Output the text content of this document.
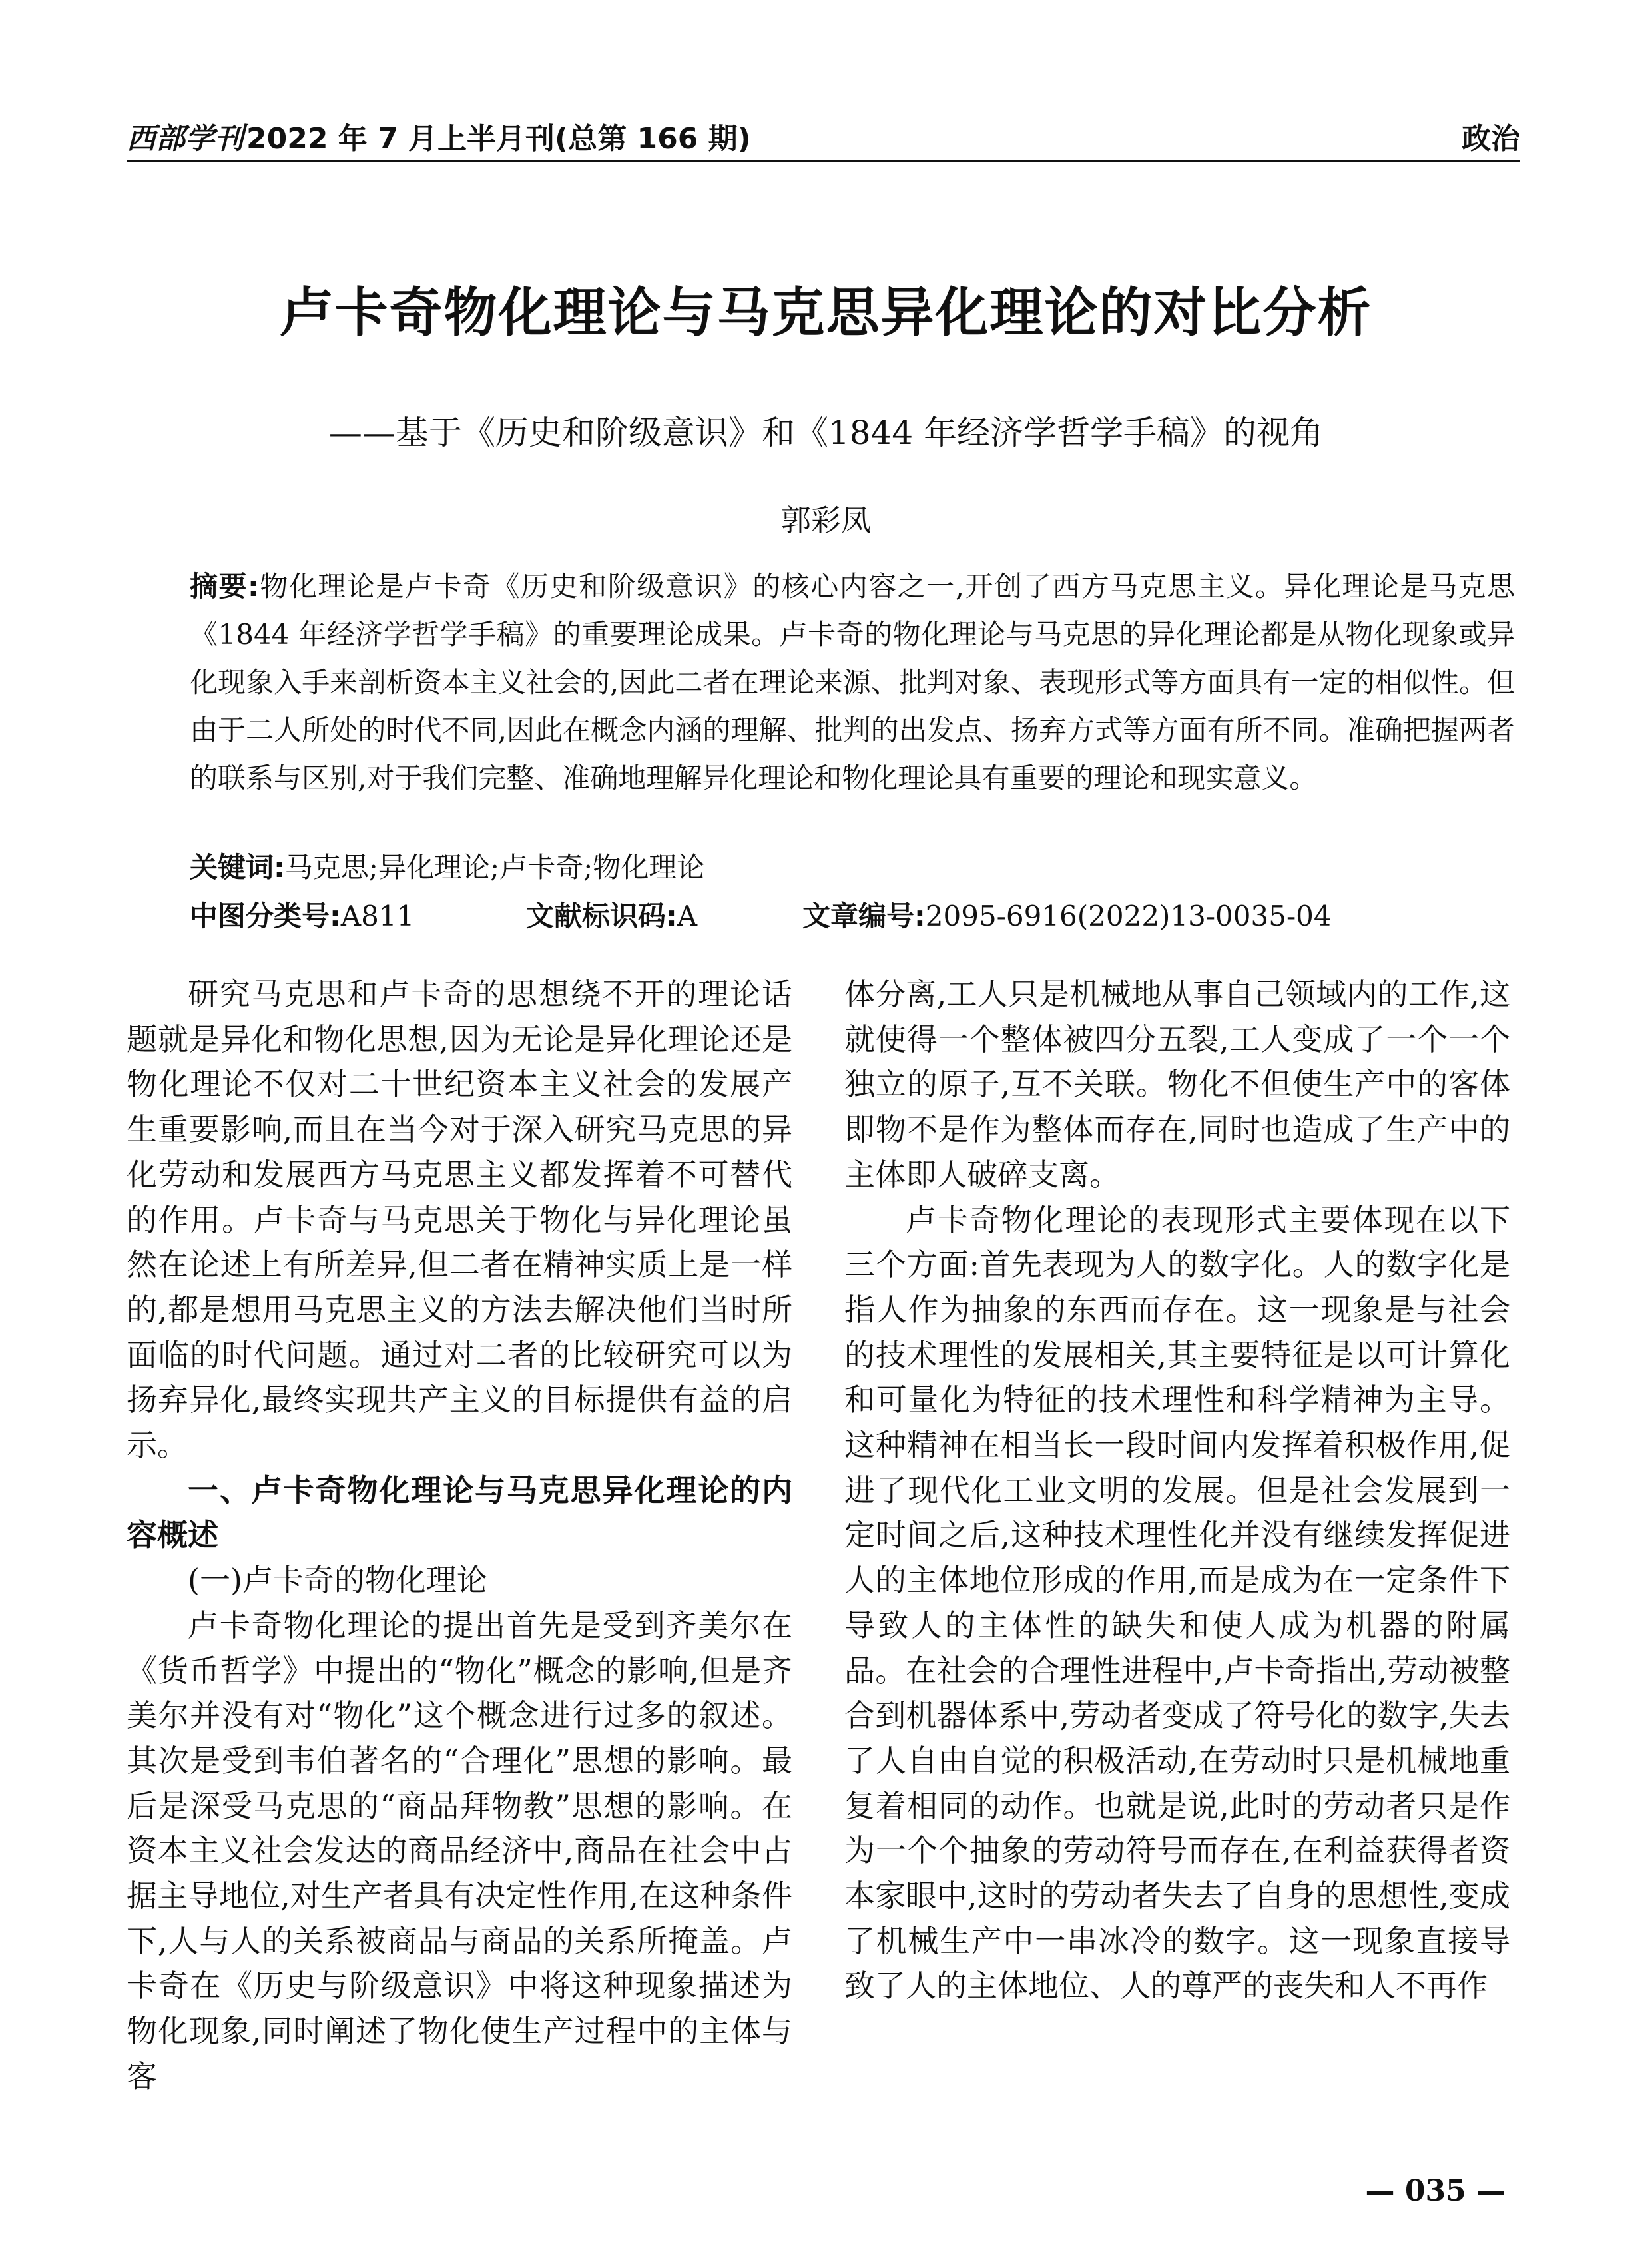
西部学刊2022 年 7 月上半月刊(总第 166 期)	政治
卢卡奇物化理论与马克思异化理论的对比分析
——基于《历史和阶级意识》和《1844 年经济学哲学手稿》的视角
郭彩凤

摘要:物化理论是卢卡奇《历史和阶级意识》的核心内容之一,开创了西方马克思主义。异化理论是马克思《1844 年经济学哲学手稿》的重要理论成果。卢卡奇的物化理论与马克思的异化理论都是从物化现象或异化现象入手来剖析资本主义社会的,因此二者在理论来源、批判对象、表现形式等方面具有一定的相似性。但由于二人所处的时代不同,因此在概念内涵的理解、批判的出发点、扬弃方式等方面有所不同。准确把握两者的联系与区别,对于我们完整、准确地理解异化理论和物化理论具有重要的理论和现实意义。

关键词:马克思;异化理论;卢卡奇;物化理论
中图分类号:A811	文献标识码:A	文章编号:2095-6916(2022)13-0035-04

研究马克思和卢卡奇的思想绕不开的理论话题就是异化和物化思想,因为无论是异化理论还是物化理论不仅对二十世纪资本主义社会的发展产生重要影响,而且在当今对于深入研究马克思的异化劳动和发展西方马克思主义都发挥着不可替代的作用。卢卡奇与马克思关于物化与异化理论虽然在论述上有所差异,但二者在精神实质上是一样的,都是想用马克思主义的方法去解决他们当时所面临的时代问题。通过对二者的比较研究可以为扬弃异化,最终实现共产主义的目标提供有益的启示。

一、卢卡奇物化理论与马克思异化理论的内容概述

(一)卢卡奇的物化理论

卢卡奇物化理论的提出首先是受到齐美尔在《货币哲学》中提出的“物化”概念的影响,但是齐美尔并没有对“物化”这个概念进行过多的叙述。其次是受到韦伯著名的“合理化”思想的影响。最后是深受马克思的“商品拜物教”思想的影响。在资本主义社会发达的商品经济中,商品在社会中占据主导地位,对生产者具有决定性作用,在这种条件下,人与人的关系被商品与商品的关系所掩盖。卢卡奇在《历史与阶级意识》中将这种现象描述为物化现象,同时阐述了物化使生产过程中的主体与客

体分离,工人只是机械地从事自己领域内的工作,这就使得一个整体被四分五裂,工人变成了一个一个独立的原子,互不关联。物化不但使生产中的客体即物不是作为整体而存在,同时也造成了生产中的主体即人破碎支离。

卢卡奇物化理论的表现形式主要体现在以下三个方面:首先表现为人的数字化。人的数字化是指人作为抽象的东西而存在。这一现象是与社会的技术理性的发展相关,其主要特征是以可计算化和可量化为特征的技术理性和科学精神为主导。这种精神在相当长一段时间内发挥着积极作用,促进了现代化工业文明的发展。但是社会发展到一定时间之后,这种技术理性化并没有继续发挥促进人的主体地位形成的作用,而是成为在一定条件下导致人的主体性的缺失和使人成为机器的附属品。在社会的合理性进程中,卢卡奇指出,劳动被整合到机器体系中,劳动者变成了符号化的数字,失去了人自由自觉的积极活动,在劳动时只是机械地重复着相同的动作。也就是说,此时的劳动者只是作为一个个抽象的劳动符号而存在,在利益获得者资本家眼中,这时的劳动者失去了自身的思想性,变成了机械生产中一串冰冷的数字。这一现象直接导致了人的主体地位、人的尊严的丧失和人不再作

— 035 —
